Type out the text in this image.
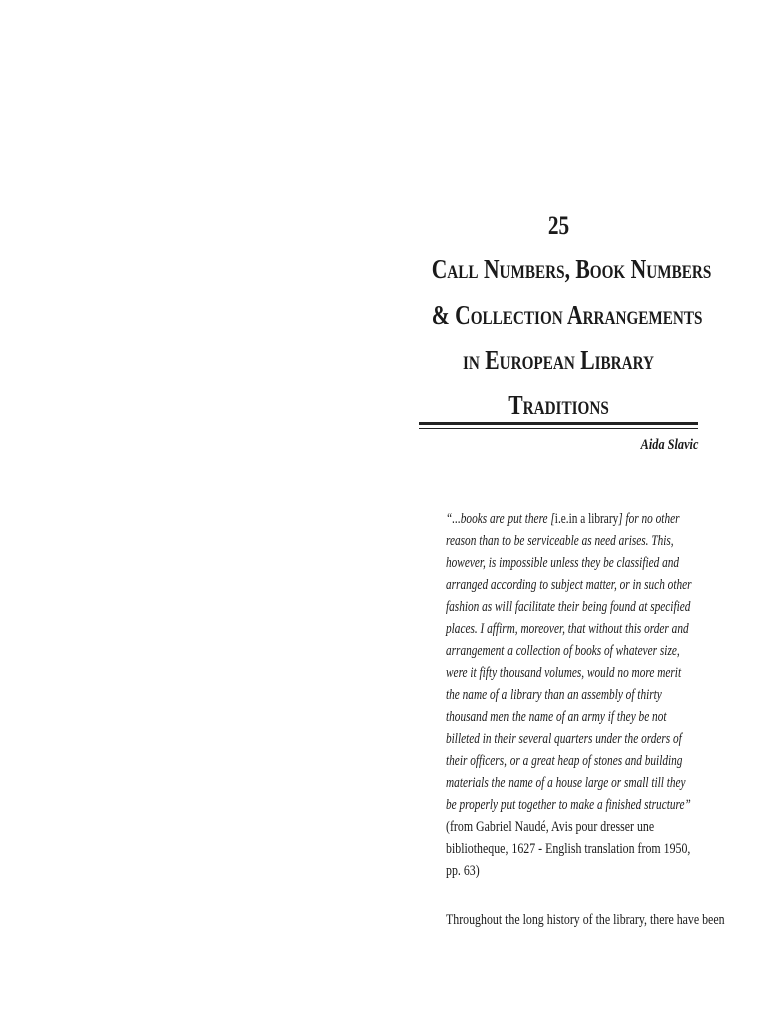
25
Call Numbers, Book Numbers
& Collection Arrangements
in European Library
Traditions
Aida Slavic
“...books are put there [i.e.in a library] for no other
reason than to be serviceable as need arises. This,
however, is impossible unless they be classified and
arranged according to subject matter, or in such other
fashion as will facilitate their being found at specified
places. I affirm, moreover, that without this order and
arrangement a collection of books of whatever size,
were it fifty thousand volumes, would no more merit
the name of a library than an assembly of thirty
thousand men the name of an army if they be not
billeted in their several quarters under the orders of
their officers, or a great heap of stones and building
materials the name of a house large or small till they
be properly put together to make a finished structure”
(from Gabriel Naudé, Avis pour dresser une
bibliotheque, 1627 - English translation from 1950,
pp. 63)
Throughout the long history of the library, there have been
